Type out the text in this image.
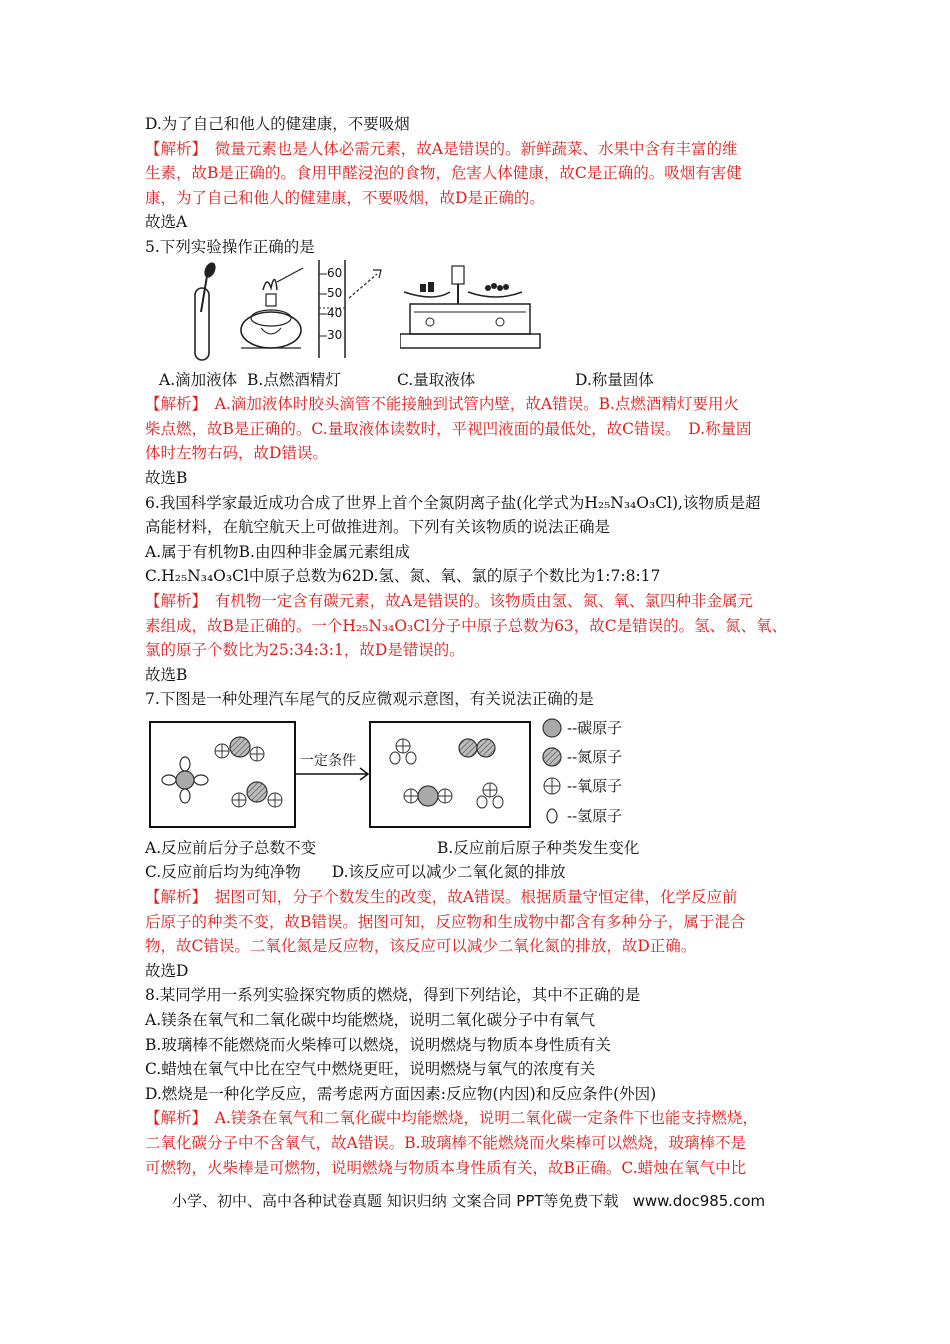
D.为了自己和他人的健建康，不要吸烟
【解析】　微量元素也是人体必需元素，故A是错误的。新鲜蔬菜、水果中含有丰富的维
生素，故B是正确的。食用甲醛浸泡的食物，危害人体健康，故C是正确的。吸烟有害健
康，为了自己和他人的健建康，不要吸烟，故D是正确的。
故选A
5.下列实验操作正确的是
60
50
40
30
A.滴加液体 B.点燃酒精灯	C.量取液体	D.称量固体
【解析】　A.滴加液体时胶头滴管不能接触到试管内壁，故A错误。B.点燃酒精灯要用火
柴点燃，故B是正确的。C.量取液体读数时，平视凹液面的最低处，故C错误。　D.称量固
体时左物右码，故D错误。
故选B
6.我国科学家最近成功合成了世界上首个全氮阴离子盐(化学式为H₂₅N₃₄O₃Cl),该物质是超
高能材料，在航空航天上可做推进剂。下列有关该物质的说法正确是
A.属于有机物B.由四种非金属元素组成
C.H₂₅N₃₄O₃Cl中原子总数为62D.氢、氮、氧、氯的原子个数比为1:7:8:17
【解析】　有机物一定含有碳元素，故A是错误的。该物质由氢、氮、氧、氯四种非金属元
素组成，故B是正确的。一个H₂₅N₃₄O₃Cl分子中原子总数为63，故C是错误的。氢、氮、氧、
氯的原子个数比为25:34:3:1，故D是错误的。
故选B
7.下图是一种处理汽车尾气的反应微观示意图，有关说法正确的是
一定条件
--碳原子
--氮原子
--氧原子
--氢原子
A.反应前后分子总数不变	B.反应前后原子种类发生变化
C.反应前后均为纯净物　　D.该反应可以减少二氧化氮的排放
【解析】　据图可知，分子个数发生的改变，故A错误。根据质量守恒定律，化学反应前
后原子的种类不变，故B错误。据图可知，反应物和生成物中都含有多种分子，属于混合
物，故C错误。二氧化氮是反应物，该反应可以减少二氧化氮的排放，故D正确。
故选D
8.某同学用一系列实验探究物质的燃烧，得到下列结论，其中不正确的是
A.镁条在氧气和二氧化碳中均能燃烧，说明二氧化碳分子中有氧气
B.玻璃棒不能燃烧而火柴棒可以燃烧，说明燃烧与物质本身性质有关
C.蜡烛在氧气中比在空气中燃烧更旺，说明燃烧与氧气的浓度有关
D.燃烧是一种化学反应，需考虑两方面因素:反应物(内因)和反应条件(外因)
【解析】　A.镁条在氧气和二氧化碳中均能燃烧，说明二氧化碳一定条件下也能支持燃烧，
二氧化碳分子中不含氧气，故A错误。B.玻璃棒不能燃烧而火柴棒可以燃烧，玻璃棒不是
可燃物，火柴棒是可燃物，说明燃烧与物质本身性质有关，故B正确。C.蜡烛在氧气中比
小学、初中、高中各种试卷真题 知识归纳 文案合同 PPT等免费下载 www.doc985.com
